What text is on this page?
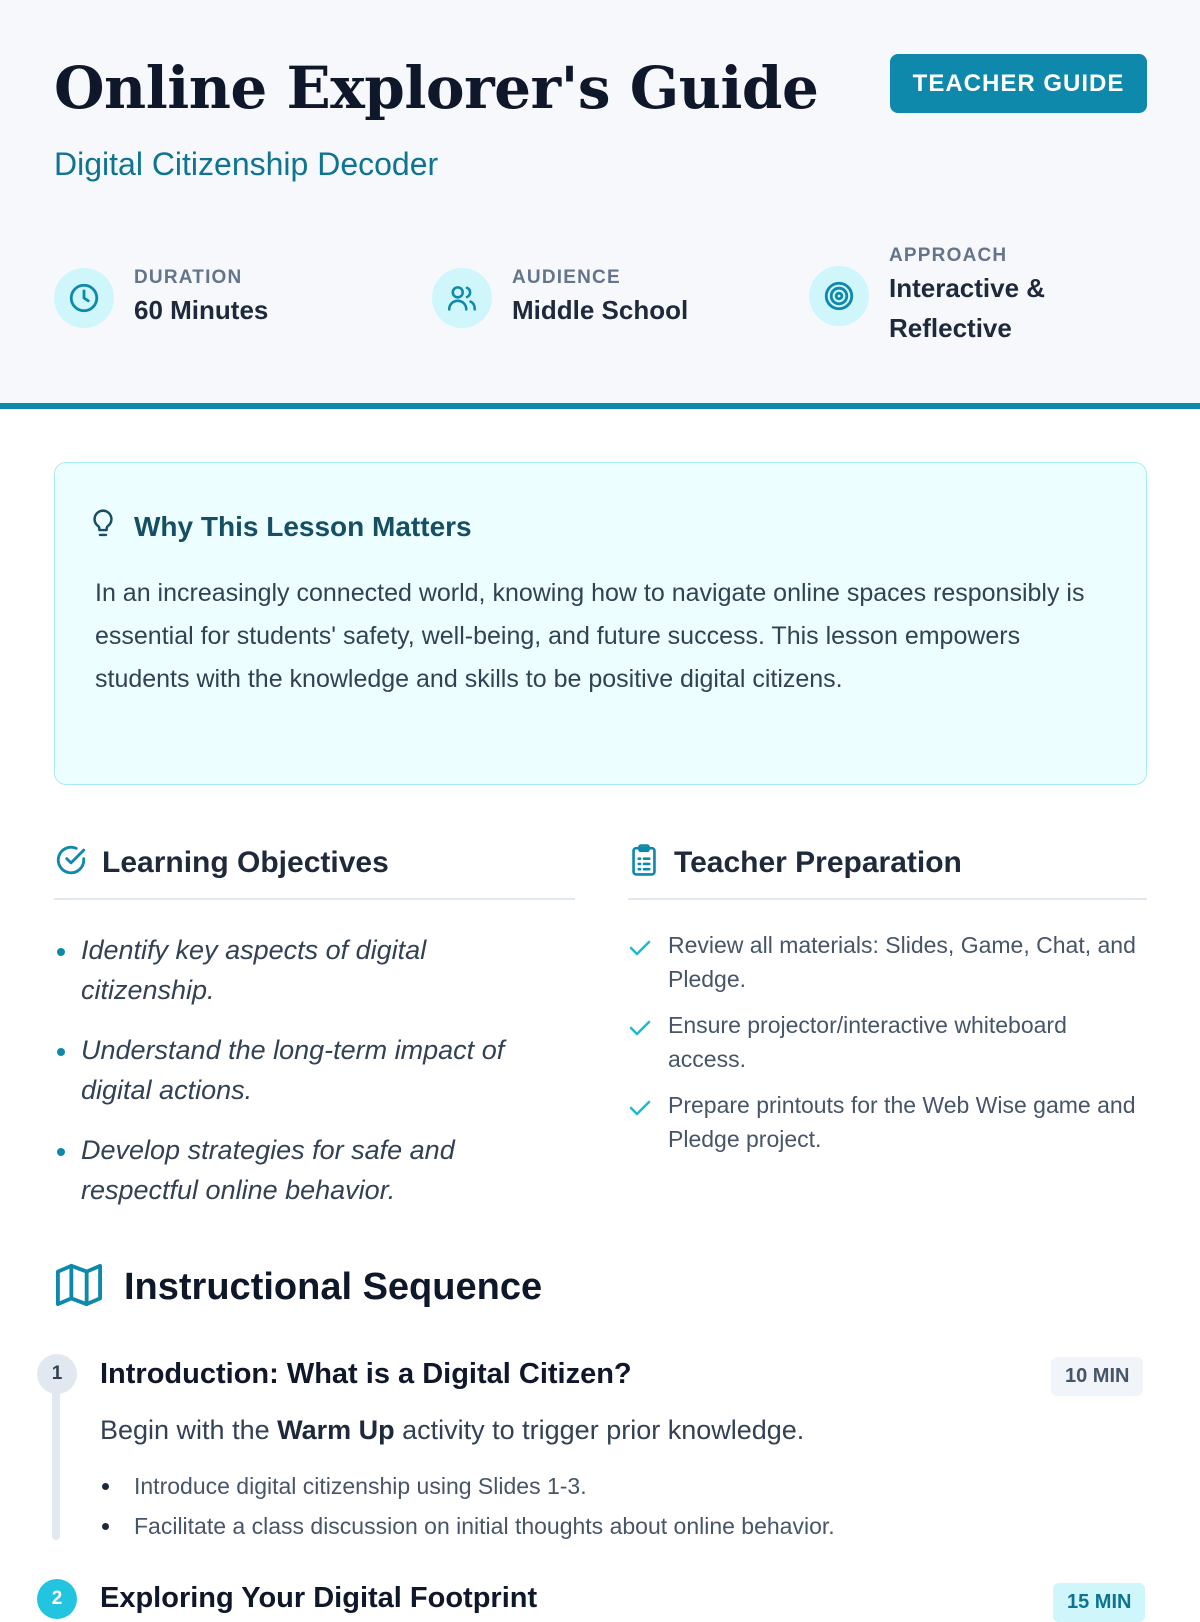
Online Explorer's Guide
Digital Citizenship Decoder
TEACHER GUIDE
DURATION
60 Minutes
AUDIENCE
Middle School
APPROACH
Interactive & Reflective
Why This Lesson Matters

In an increasingly connected world, knowing how to navigate online spaces responsibly is essential for students' safety, well-being, and future success. This lesson empowers students with the knowledge and skills to be positive digital citizens.

Learning Objectives
Identify key aspects of digital citizenship.
Understand the long-term impact of digital actions.
Develop strategies for safe and respectful online behavior.
Teacher Preparation
Review all materials: Slides, Game, Chat, and Pledge.
Ensure projector/interactive whiteboard access.
Prepare printouts for the Web Wise game and Pledge project.
Instructional Sequence
1	Introduction: What is a Digital Citizen?	10 MIN
Begin with the Warm Up activity to trigger prior knowledge.
Introduce digital citizenship using Slides 1-3.
Facilitate a class discussion on initial thoughts about online behavior.
2	Exploring Your Digital Footprint	15 MIN
